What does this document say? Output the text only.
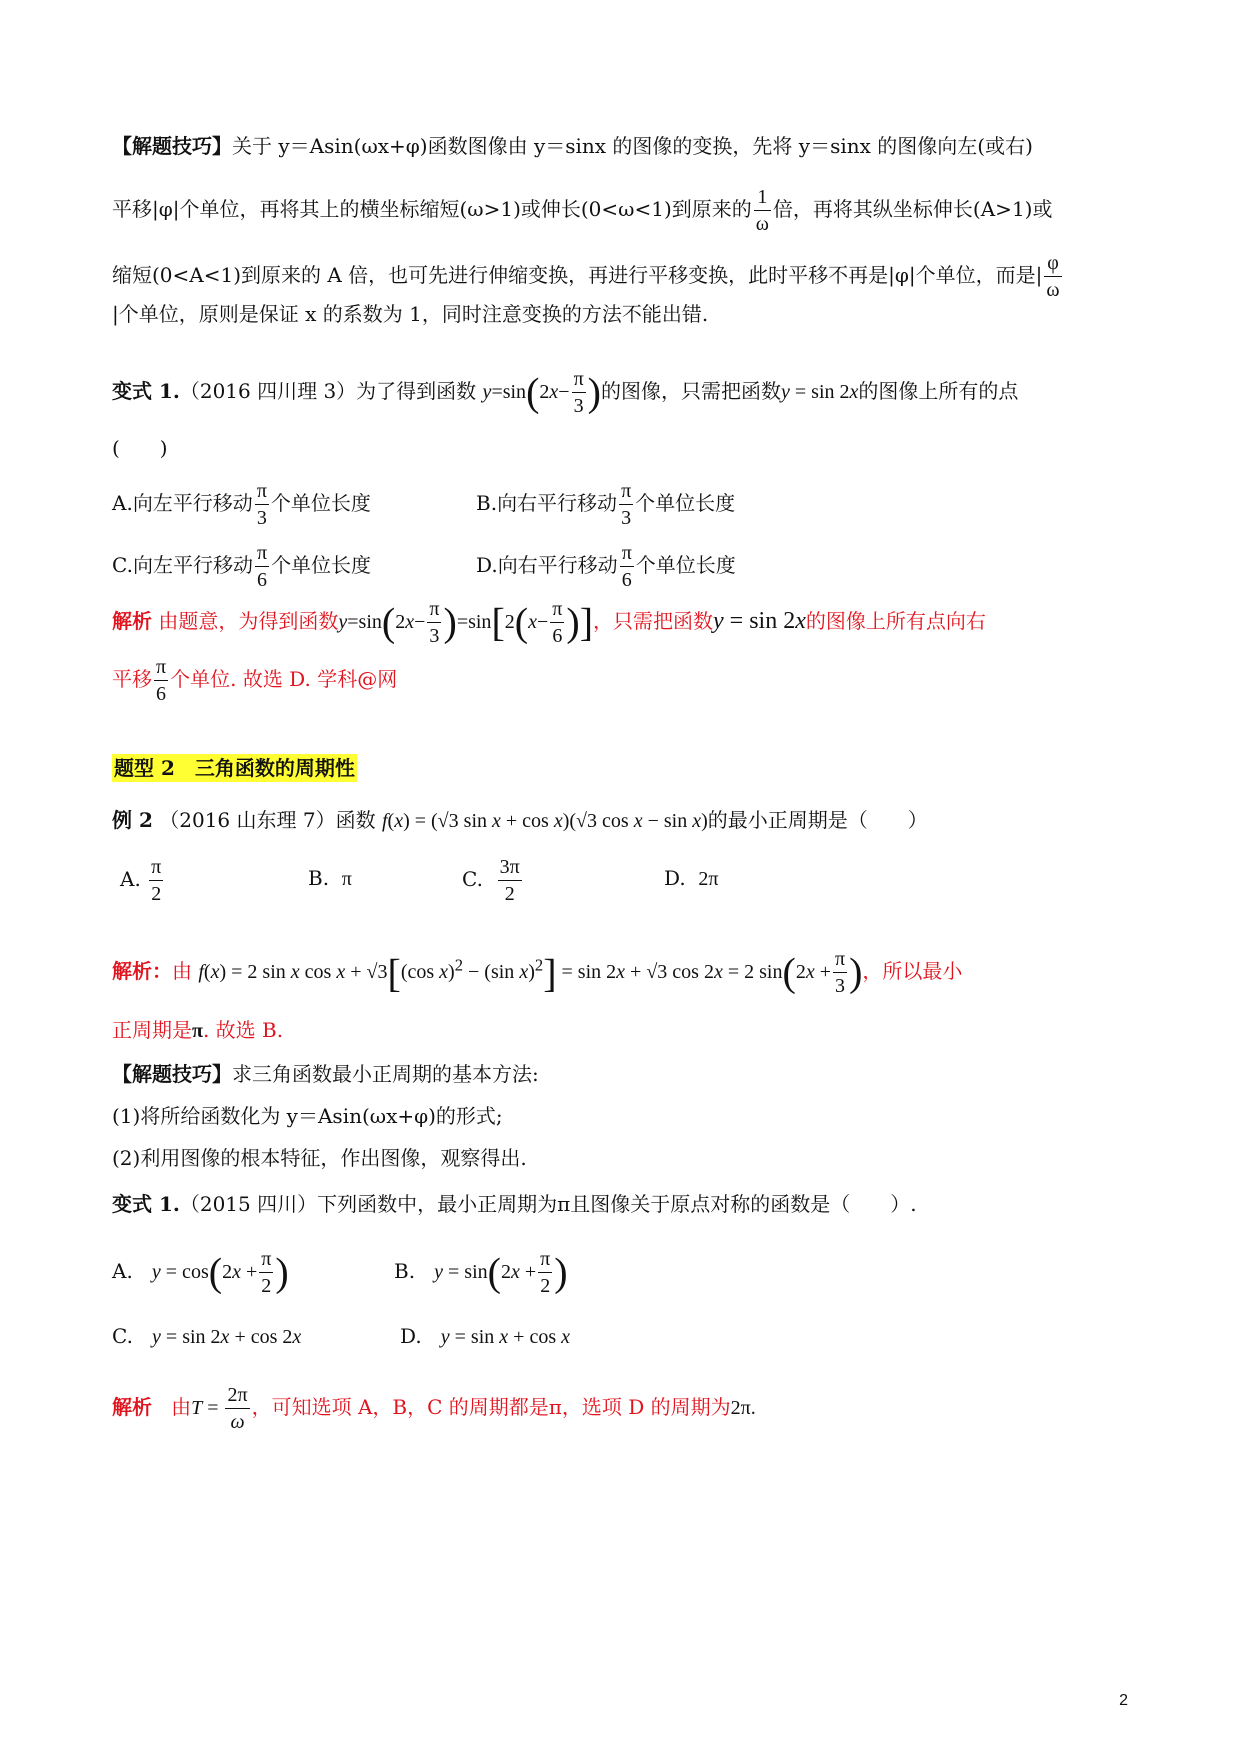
【解题技巧】关于 y＝Asin(ωx+φ)函数图像由 y＝sinx 的图像的变换，先将 y＝sinx 的图像向左(或右)
平移|φ|个单位，再将其上的横坐标缩短(ω>1)或伸长(0<ω<1)到原来的 $\frac{1}{\omega}$ 倍，再将其纵坐标伸长(A>1)或
缩短(0<A<1)到原来的 A 倍，也可先进行伸缩变换，再进行平移变换，此时平移不再是|φ|个单位，而是| $\frac{\varphi}{\omega}$
|个单位，原则是保证 x 的系数为 1，同时注意变换的方法不能出错.
变式 1.（2016 四川理 3）为了得到函数 $y=\sin(2x- \frac{\pi}{3}$ )的图像，只需把函数y = sin 2x的图像上所有的点
(　　)
A.向左平行移动 $\frac{\pi}{3}$ 个单位长度	B.向右平行移动 $\frac{\pi}{3}$ 个单位长度
C.向左平行移动 $\frac{\pi}{6}$ 个单位长度	D.向右平行移动 $\frac{\pi}{6}$ 个单位长度
解析 由题意，为得到函数$y=\sin(2x- \frac{\pi}{3} )=\sin[2(x- \frac{\pi}{6}$ )]，只需把函数y = sin 2x的图像上所有点向右
平移 $\frac{\pi}{6}$ 个单位. 故选 D. 学科@网
题型 2　三角函数的周期性
例 2 （2016 山东理 7）函数 f(x) = (√3 sin x + cos x)(√3 cos x − sin x)的最小正周期是（　　）
A. $\frac{\pi}{2}$	B. π	C. $\frac{3\pi}{2}$	D. 2π
解析：由 f(x) = 2 sin x cos x + √3[(cos x)$^2$ − (sin x)$^2$] = sin 2x + √3 cos 2x = 2 $\sin(2x + \frac{\pi}{3}$ )，所以最小
正周期是π. 故选 B.
【解题技巧】求三角函数最小正周期的基本方法:
(1)将所给函数化为 y＝Asin(ωx+φ)的形式;
(2)利用图像的根本特征，作出图像，观察得出.
变式 1.（2015 四川）下列函数中，最小正周期为π且图像关于原点对称的函数是（　　）.
A. $y = \cos(2x + \frac{\pi}{2}$ )	B. $y = \sin(2x + \frac{\pi}{2}$ )
C. y = sin 2x + cos 2x	D. y = sin x + cos x
解析 由$T = \frac{2\pi}{\omega}$ ，可知选项 A，B，C 的周期都是π，选项 D 的周期为2π.
2
